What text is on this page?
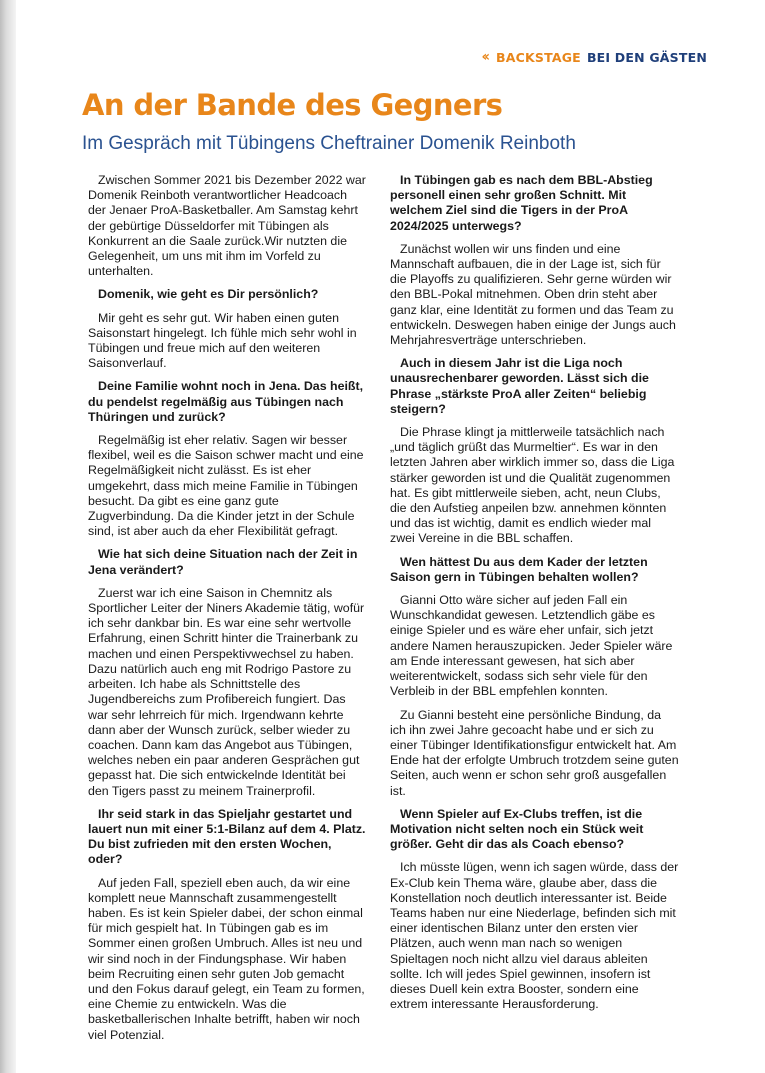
‹‹ BACKSTAGE BEI DEN GÄSTEN
An der Bande des Gegners
Im Gespräch mit Tübingens Cheftrainer Domenik Reinboth

Zwischen Sommer 2021 bis Dezember 2022 war Domenik Reinboth verantwortlicher Headcoach der Jenaer ProA-Basketballer. Am Samstag kehrt der gebürtige Düsseldorfer mit Tübingen als Konkurrent an die Saale zurück.Wir nutzten die Gelegenheit, um uns mit ihm im Vorfeld zu unterhalten.

Domenik, wie geht es Dir persönlich?

Mir geht es sehr gut. Wir haben einen guten Saisonstart hingelegt. Ich fühle mich sehr wohl in Tübingen und freue mich auf den weiteren Saisonverlauf.

Deine Familie wohnt noch in Jena. Das heißt, du pendelst regelmäßig aus Tübingen nach Thüringen und zurück?

Regelmäßig ist eher relativ. Sagen wir besser flexibel, weil es die Saison schwer macht und eine Regelmäßigkeit nicht zulässt. Es ist eher umgekehrt, dass mich meine Familie in Tübingen besucht. Da gibt es eine ganz gute Zugverbindung. Da die Kinder jetzt in der Schule sind, ist aber auch da eher Flexibilität gefragt.

Wie hat sich deine Situation nach der Zeit in Jena verändert?

Zuerst war ich eine Saison in Chemnitz als Sportlicher Leiter der Niners Akademie tätig, wofür ich sehr dankbar bin. Es war eine sehr wertvolle Erfahrung, einen Schritt hinter die Trainerbank zu machen und einen Perspektivwechsel zu haben. Dazu natürlich auch eng mit Rodrigo Pastore zu arbeiten. Ich habe als Schnittstelle des Jugendbereichs zum Profibereich fungiert. Das war sehr lehrreich für mich. Irgendwann kehrte dann aber der Wunsch zurück, selber wieder zu coachen. Dann kam das Angebot aus Tübingen, welches neben ein paar anderen Gesprächen gut gepasst hat. Die sich entwickelnde Identität bei den Tigers passt zu meinem Trainerprofil.

Ihr seid stark in das Spieljahr gestartet und lauert nun mit einer 5:1-Bilanz auf dem 4. Platz. Du bist zufrieden mit den ersten Wochen, oder?

Auf jeden Fall, speziell eben auch, da wir eine komplett neue Mannschaft zusammengestellt haben. Es ist kein Spieler dabei, der schon einmal für mich gespielt hat. In Tübingen gab es im Sommer einen großen Umbruch. Alles ist neu und wir sind noch in der Findungsphase. Wir haben beim Recruiting einen sehr guten Job gemacht und den Fokus darauf gelegt, ein Team zu formen, eine Chemie zu entwickeln. Was die basketballerischen Inhalte betrifft, haben wir noch viel Potenzial.

In Tübingen gab es nach dem BBL-Abstieg personell einen sehr großen Schnitt. Mit welchem Ziel sind die Tigers in der ProA 2024/2025 unterwegs?

Zunächst wollen wir uns finden und eine Mannschaft aufbauen, die in der Lage ist, sich für die Playoffs zu qualifizieren. Sehr gerne würden wir den BBL-Pokal mitnehmen. Oben drin steht aber ganz klar, eine Identität zu formen und das Team zu entwickeln. Deswegen haben einige der Jungs auch Mehrjahresverträge unterschrieben.

Auch in diesem Jahr ist die Liga noch unausrechenbarer geworden. Lässt sich die Phrase „stärkste ProA aller Zeiten“ beliebig steigern?

Die Phrase klingt ja mittlerweile tatsächlich nach „und täglich grüßt das Murmeltier“. Es war in den letzten Jahren aber wirklich immer so, dass die Liga stärker geworden ist und die Qualität zugenommen hat. Es gibt mittlerweile sieben, acht, neun Clubs, die den Aufstieg anpeilen bzw. annehmen könnten und das ist wichtig, damit es endlich wieder mal zwei Vereine in die BBL schaffen.

Wen hättest Du aus dem Kader der letzten Saison gern in Tübingen behalten wollen?

Gianni Otto wäre sicher auf jeden Fall ein Wunschkandidat gewesen. Letztendlich gäbe es einige Spieler und es wäre eher unfair, sich jetzt andere Namen herauszupicken. Jeder Spieler wäre am Ende interessant gewesen, hat sich aber weiterentwickelt, sodass sich sehr viele für den Verbleib in der BBL empfehlen konnten.

Zu Gianni besteht eine persönliche Bindung, da ich ihn zwei Jahre gecoacht habe und er sich zu einer Tübinger Identifikationsfigur entwickelt hat. Am Ende hat der erfolgte Umbruch trotzdem seine guten Seiten, auch wenn er schon sehr groß ausgefallen ist.

Wenn Spieler auf Ex-Clubs treffen, ist die Motivation nicht selten noch ein Stück weit größer. Geht dir das als Coach ebenso?

Ich müsste lügen, wenn ich sagen würde, dass der Ex-Club kein Thema wäre, glaube aber, dass die Konstellation noch deutlich interessanter ist. Beide Teams haben nur eine Niederlage, befinden sich mit einer identischen Bilanz unter den ersten vier Plätzen, auch wenn man nach so wenigen Spieltagen noch nicht allzu viel daraus ableiten sollte. Ich will jedes Spiel gewinnen, insofern ist dieses Duell kein extra Booster, sondern eine extrem interessante Herausforderung.
